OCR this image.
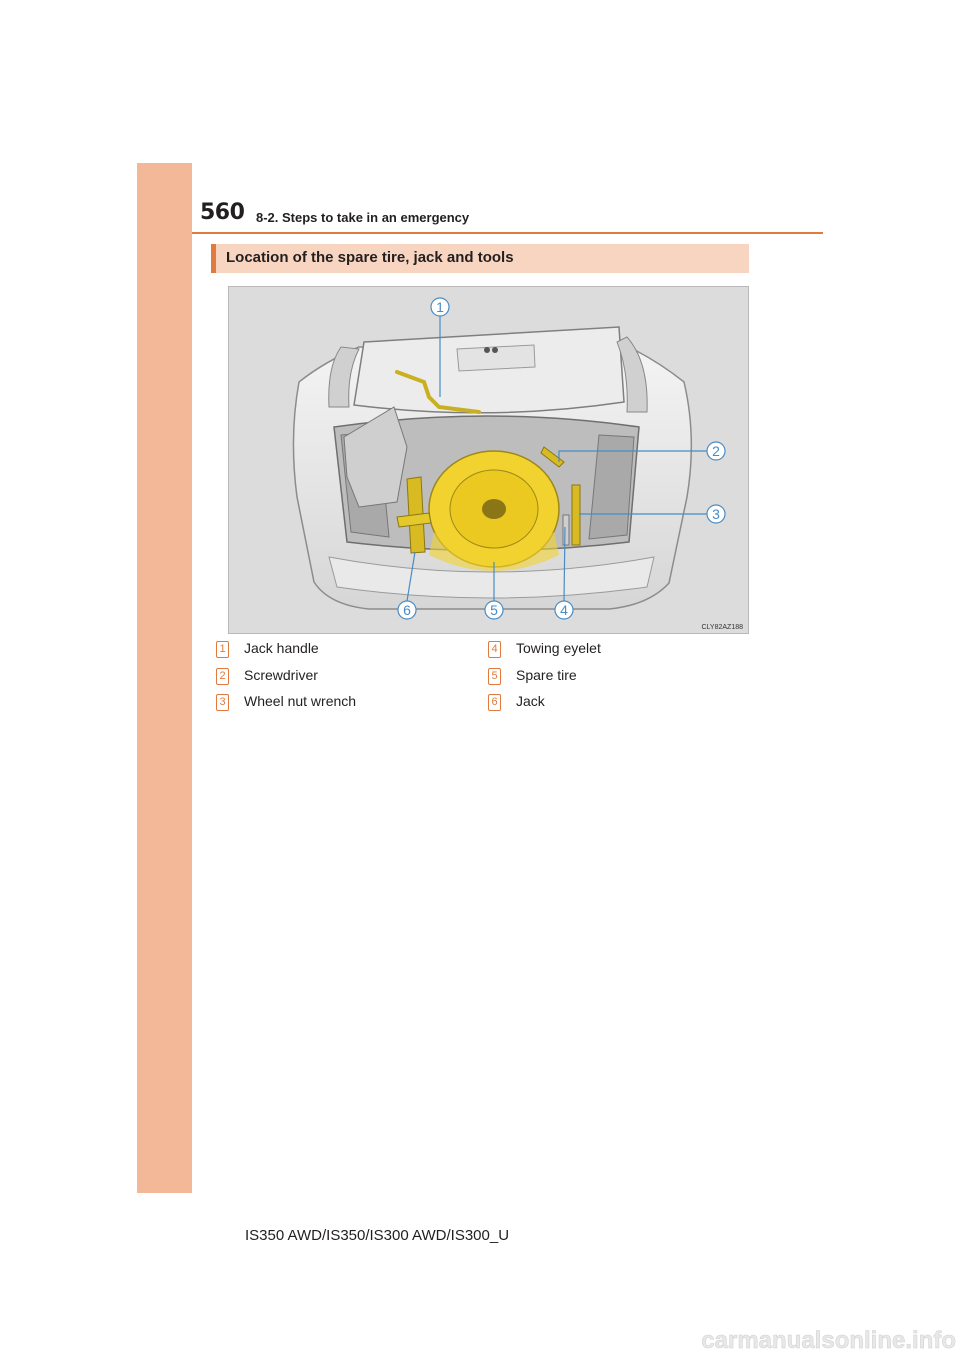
560 8-2. Steps to take in an emergency
Location of the spare tire, jack and tools
1
2
3
4
5
6
CLY82AZ188
1 Jack handle
2 Screwdriver
3 Wheel nut wrench
4 Towing eyelet
5 Spare tire
6 Jack
IS350 AWD/IS350/IS300 AWD/IS300_U
carmanualsonline.info
